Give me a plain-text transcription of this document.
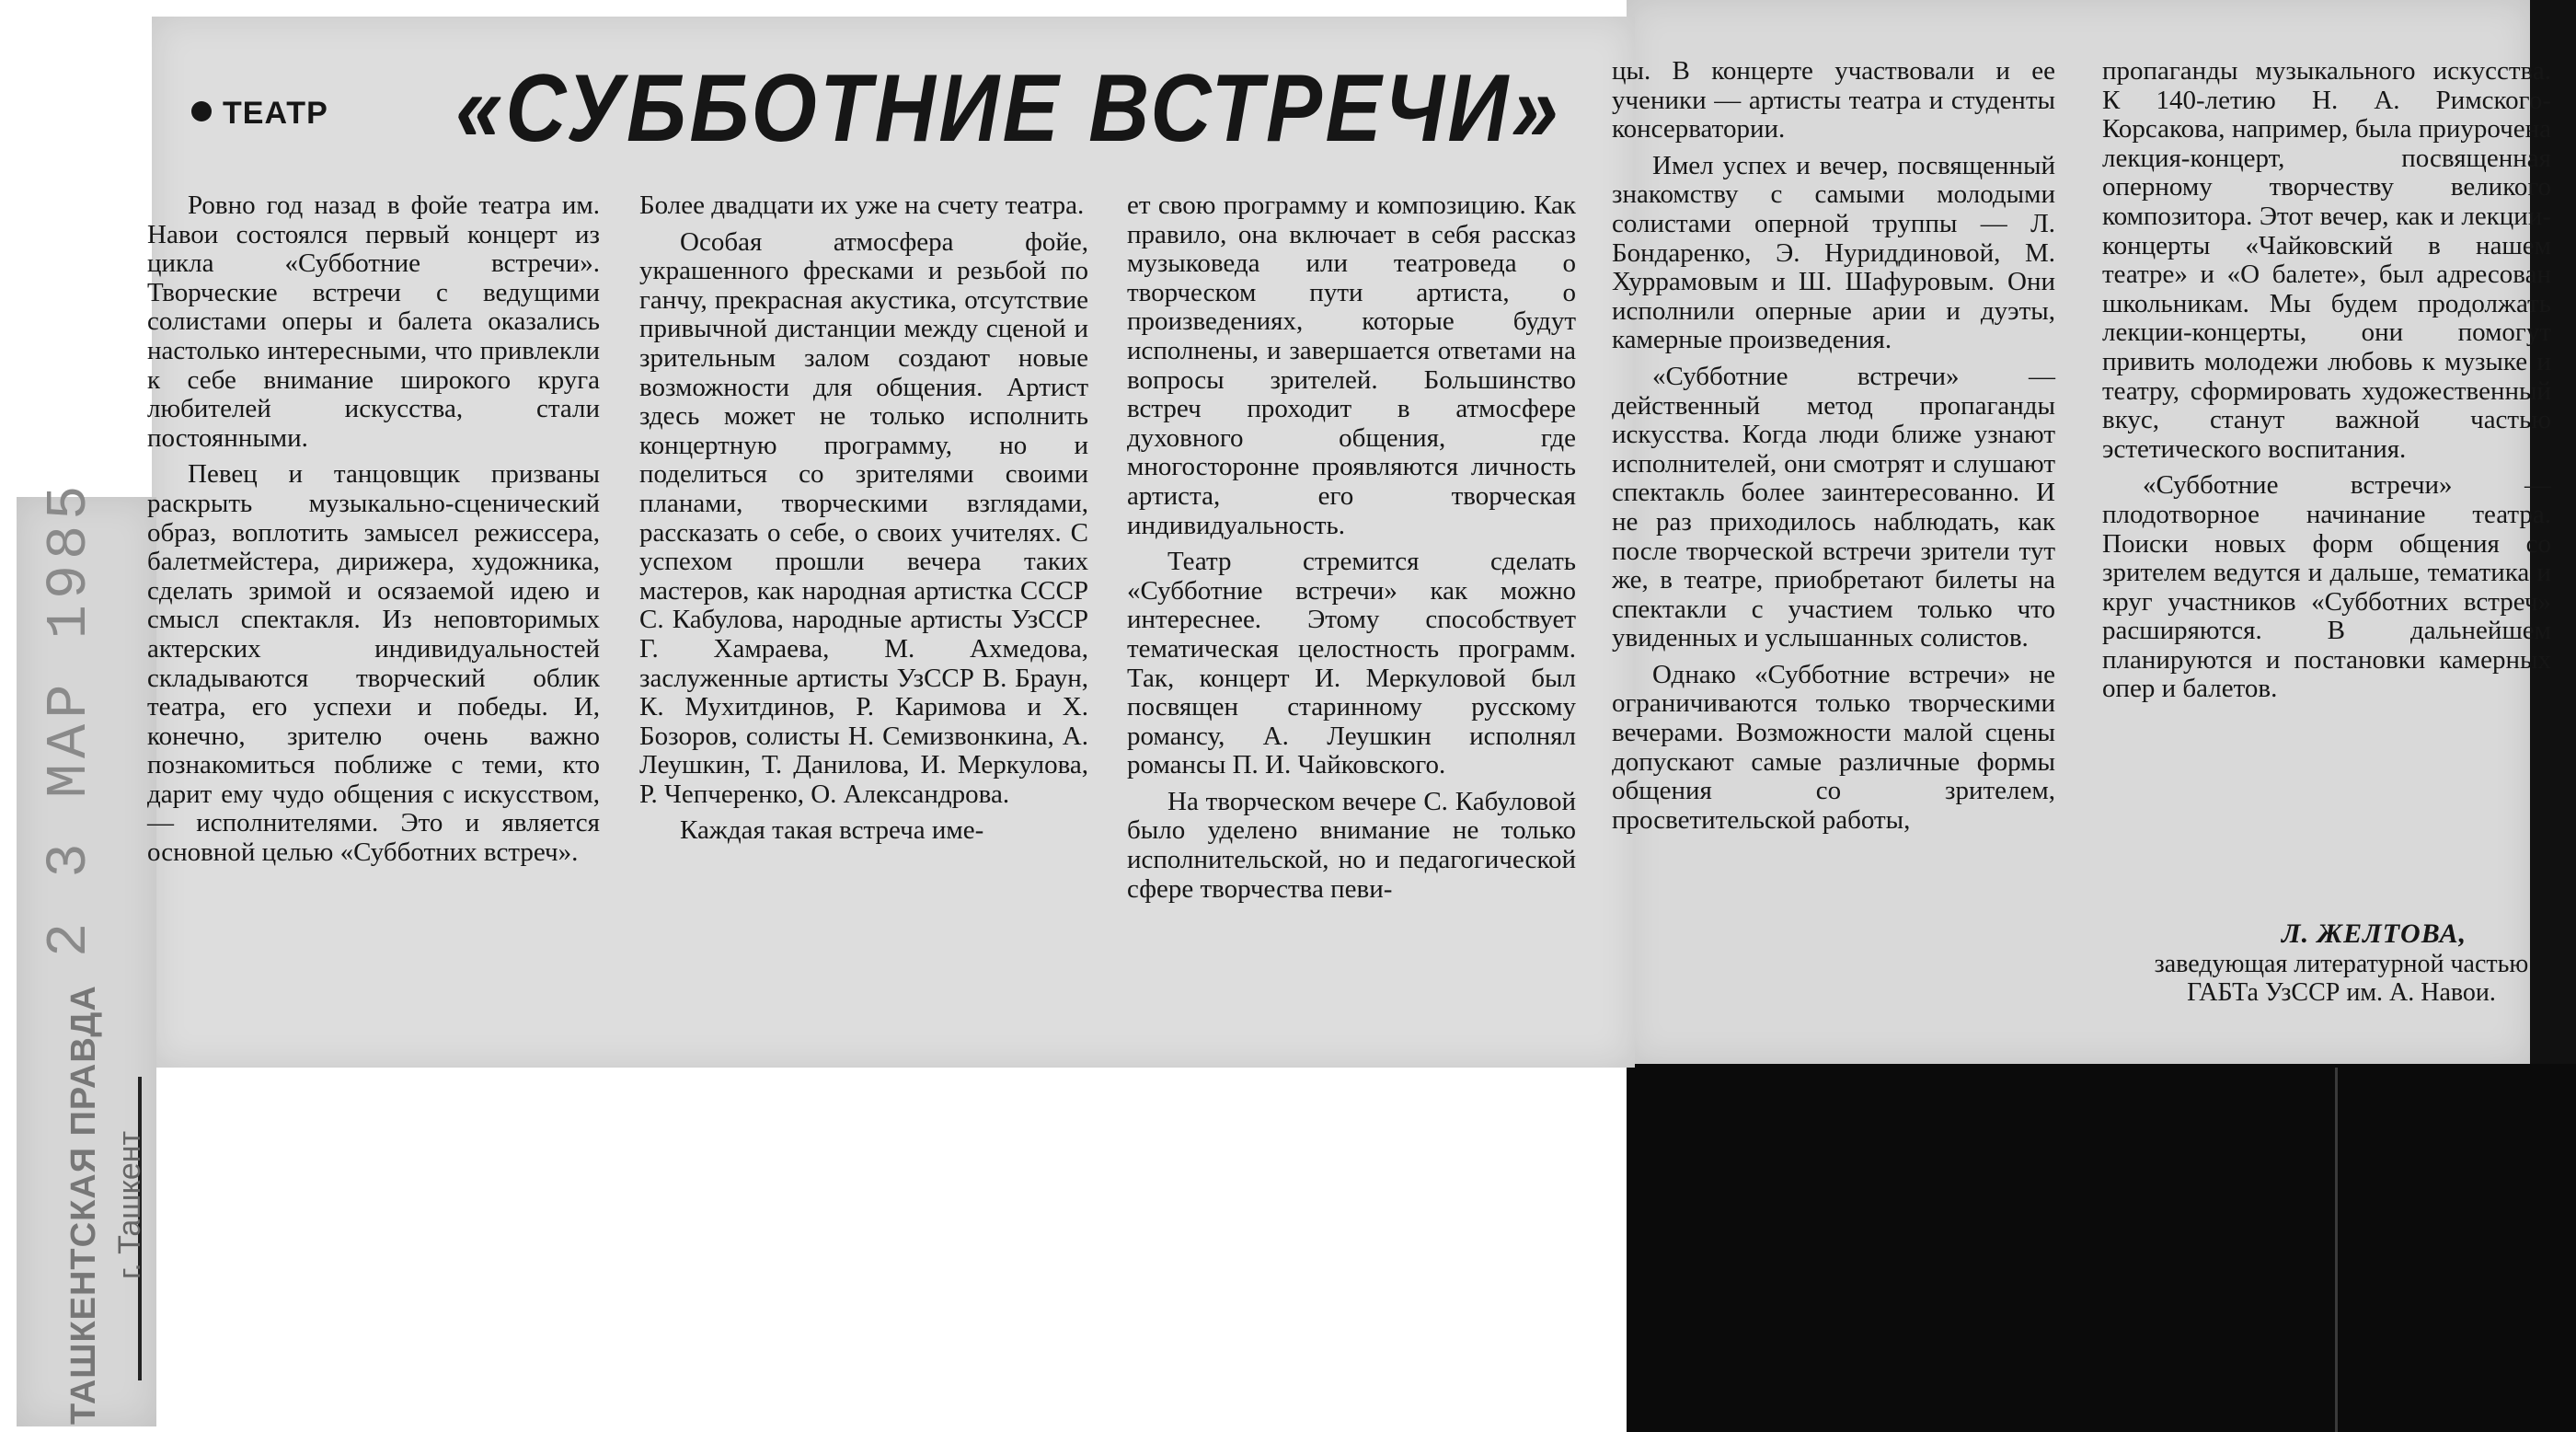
ТЕАТР «СУББОТНИЕ ВСТРЕЧИ»

Ровно год назад в фойе театра им. Навои состоялся первый концерт из цикла «Субботние встречи». Творческие встречи с ведущими солистами оперы и балета оказались настолько интересными, что привлекли к себе внимание широкого круга любителей искусства, стали постоянными.

Певец и танцовщик призваны раскрыть музыкально-сценический образ, воплотить замысел режиссера, балетмейстера, дирижера, художника, сделать зримой и осязаемой идею и смысл спектакля. Из неповторимых актерских индивидуальностей складываются творческий облик театра, его успехи и победы. И, конечно, зрителю очень важно познакомиться поближе с теми, кто дарит ему чудо общения с искусством, — исполнителями. Это и является основной целью «Субботних встреч».

Более двадцати их уже на счету театра.

Особая атмосфера фойе, украшенного фресками и резьбой по ганчу, прекрасная акустика, отсутствие привычной дистанции между сценой и зрительным залом создают новые возможности для общения. Артист здесь может не только исполнить концертную программу, но и поделиться со зрителями своими планами, творческими взглядами, рассказать о себе, о своих учителях. С успехом прошли вечера таких мастеров, как народная артистка СССР С. Кабулова, народные артисты УзССР Г. Хамраева, М. Ахмедова, заслуженные артисты УзССР В. Браун, К. Мухитдинов, Р. Каримова и Х. Бозоров, солисты Н. Семизвонкина, А. Леушкин, Т. Данилова, И. Меркулова, Р. Чепчеренко, О. Александрова.

Каждая такая встреча име-

ет свою программу и композицию. Как правило, она включает в себя рассказ музыковеда или театроведа о творческом пути артиста, о произведениях, которые будут исполнены, и завершается ответами на вопросы зрителей. Большинство встреч проходит в атмосфере духовного общения, где многосторонне проявляются личность артиста, его творческая индивидуальность.

Театр стремится сделать «Субботние встречи» как можно интереснее. Этому способствует тематическая целостность программ. Так, концерт И. Меркуловой был посвящен старинному русскому романсу, А. Леушкин исполнял романсы П. И. Чайковского.

На творческом вечере С. Кабуловой было уделено внимание не только исполнительской, но и педагогической сфере творчества певи-

цы. В концерте участвовали и ее ученики — артисты театра и студенты консерватории.

Имел успех и вечер, посвященный знакомству с самыми молодыми солистами оперной труппы — Л. Бондаренко, Э. Нуриддиновой, М. Хуррамовым и Ш. Шафуровым. Они исполнили оперные арии и дуэты, камерные произведения.

«Субботние встречи» — действенный метод пропаганды искусства. Когда люди ближе узнают исполнителей, они смотрят и слушают спектакль более заинтересованно. И не раз приходилось наблюдать, как после творческой встречи зрители тут же, в театре, приобретают билеты на спектакли с участием только что увиденных и услышанных солистов.

Однако «Субботние встречи» не ограничиваются только творческими вечерами. Возможности малой сцены допускают самые различные формы общения со зрителем, просветительской работы,

пропаганды музыкального искусства. К 140-летию Н. А. Римского-Корсакова, например, была приурочена лекция-концерт, посвященная оперному творчеству великого композитора. Этот вечер, как и лекции-концерты «Чайковский в нашем театре» и «О балете», был адресован школьникам. Мы будем продолжать лекции-концерты, они помогут привить молодежи любовь к музыке и театру, сформировать художественный вкус, станут важной частью эстетического воспитания.

«Субботние встречи» — плодотворное начинание театра. Поиски новых форм общения со зрителем ведутся и дальше, тематика и круг участников «Субботних встреч» расширяются. В дальнейшем планируются и постановки камерных опер и балетов.

Л. ЖЕЛТОВА,
заведующая литературной частью ГАБТа УзССР им. А. Навои.
2 3 МАР 1985
ТАШКЕНТСКАЯ ПРАВДА г. Ташкент
